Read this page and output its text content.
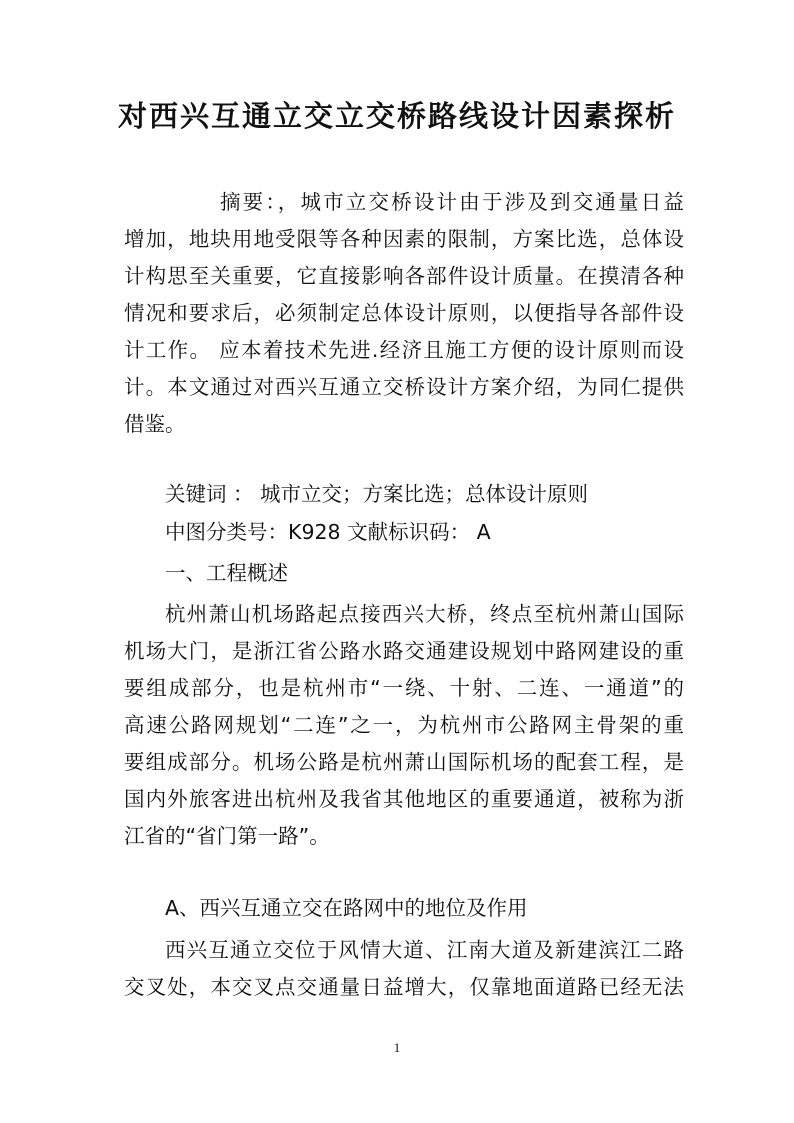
对西兴互通立交立交桥路线设计因素探析
摘要：，城市立交桥设计由于涉及到交通量日益
增加，地块用地受限等各种因素的限制，方案比选，总体设
计构思至关重要，它直接影响各部件设计质量。在摸清各种
情况和要求后，必须制定总体设计原则，以便指导各部件设
计工作。 应本着技术先进.经济且施工方便的设计原则而设
计。本文通过对西兴互通立交桥设计方案介绍，为同仁提供
借鉴。
关键词 ： 城市立交；方案比选；总体设计原则
中图分类号：K928 文献标识码： A
一、工程概述
杭州萧山机场路起点接西兴大桥，终点至杭州萧山国际
机场大门，是浙江省公路水路交通建设规划中路网建设的重
要组成部分，也是杭州市“一绕、十射、二连、一通道”的
高速公路网规划“二连”之一，为杭州市公路网主骨架的重
要组成部分。机场公路是杭州萧山国际机场的配套工程，是
国内外旅客进出杭州及我省其他地区的重要通道，被称为浙
江省的“省门第一路”。
A、西兴互通立交在路网中的地位及作用
西兴互通立交位于风情大道、江南大道及新建滨江二路
交叉处，本交叉点交通量日益增大，仅靠地面道路已经无法
1
